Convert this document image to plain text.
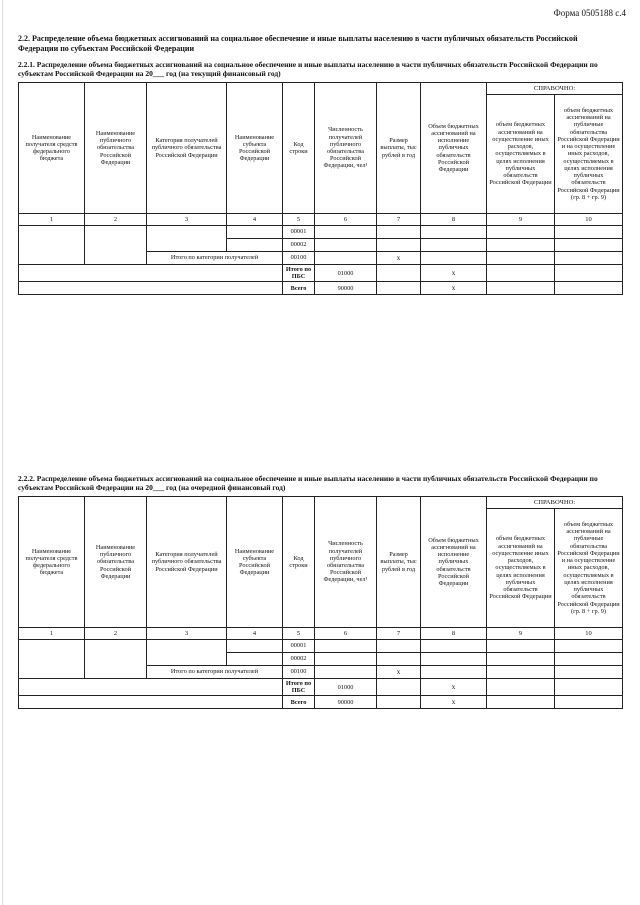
Форма 0505188 с.4
2.2. Распределение объема бюджетных ассигнований на социальное обеспечение и иные выплаты населению в части публичных обязательств Российской Федерации по субъектам Российской Федерации
2.2.1. Распределение объема бюджетных ассигнований на социальное обеспечение и иные выплаты населению в части публичных обязательств Российской Федерации по субъектам Российской Федерации на 20___ год (на текущий финансовый год)
Наименование получателя средств федерального бюджета	Наименование публичного обязательства Российской Федерации	Категория получателей публичного обязательства Российской Федерации	Наименование субъекта Российской Федерации	Код строки	Численность получателей публичного обязательства Российской Федерации, чел¹	Размер выплаты, тыс рублей в год	Объем бюджетных ассигнований на исполнение публичных обязательств Российской Федерации	СПРАВОЧНО:		
								объем бюджетных ассигнований на осуществление иных расходов, осуществляемых в целях исполнения публичных обязательств Российской Федерации	объем бюджетных ассигнований на публичные обязательства Российской Федерации и на осуществление иных расходов, осуществляемых в целях исполнения публичных обязательств Российской Федерации (гр. 8 + гр. 9)	
1	2	3	4	5	6	7	8	9	10	
				00001						
				00002						
		Итого по категории получателей		00100		x				
				Итого по ПБС	01000		x			
				Всего	90000		x			
2.2.2. Распределение объема бюджетных ассигнований на социальное обеспечение и иные выплаты населению в части публичных обязательств Российской Федерации по субъектам Российской Федерации на 20___ год (на очередной финансовый год)
Наименование получателя средств федерального бюджета	Наименование публичного обязательства Российской Федерации	Категория получателей публичного обязательства Российской Федерации	Наименование субъекта Российской Федерации	Код строки	Численность получателей публичного обязательства Российской Федерации, чел¹	Размер выплаты, тыс рублей в год	Объем бюджетных ассигнований на исполнение публичных обязательств Российской Федерации	СПРАВОЧНО:		
								объем бюджетных ассигнований на осуществление иных расходов, осуществляемых в целях исполнения публичных обязательств Российской Федерации	объем бюджетных ассигнований на публичные обязательства Российской Федерации и на осуществление иных расходов, осуществляемых в целях исполнения публичных обязательств Российской Федерации (гр. 8 + гр. 9)	
1	2	3	4	5	6	7	8	9	10	
				00001						
				00002						
		Итого по категории получателей		00100		x				
				Итого по ПБС	01000		x			
				Всего	90000		x			
